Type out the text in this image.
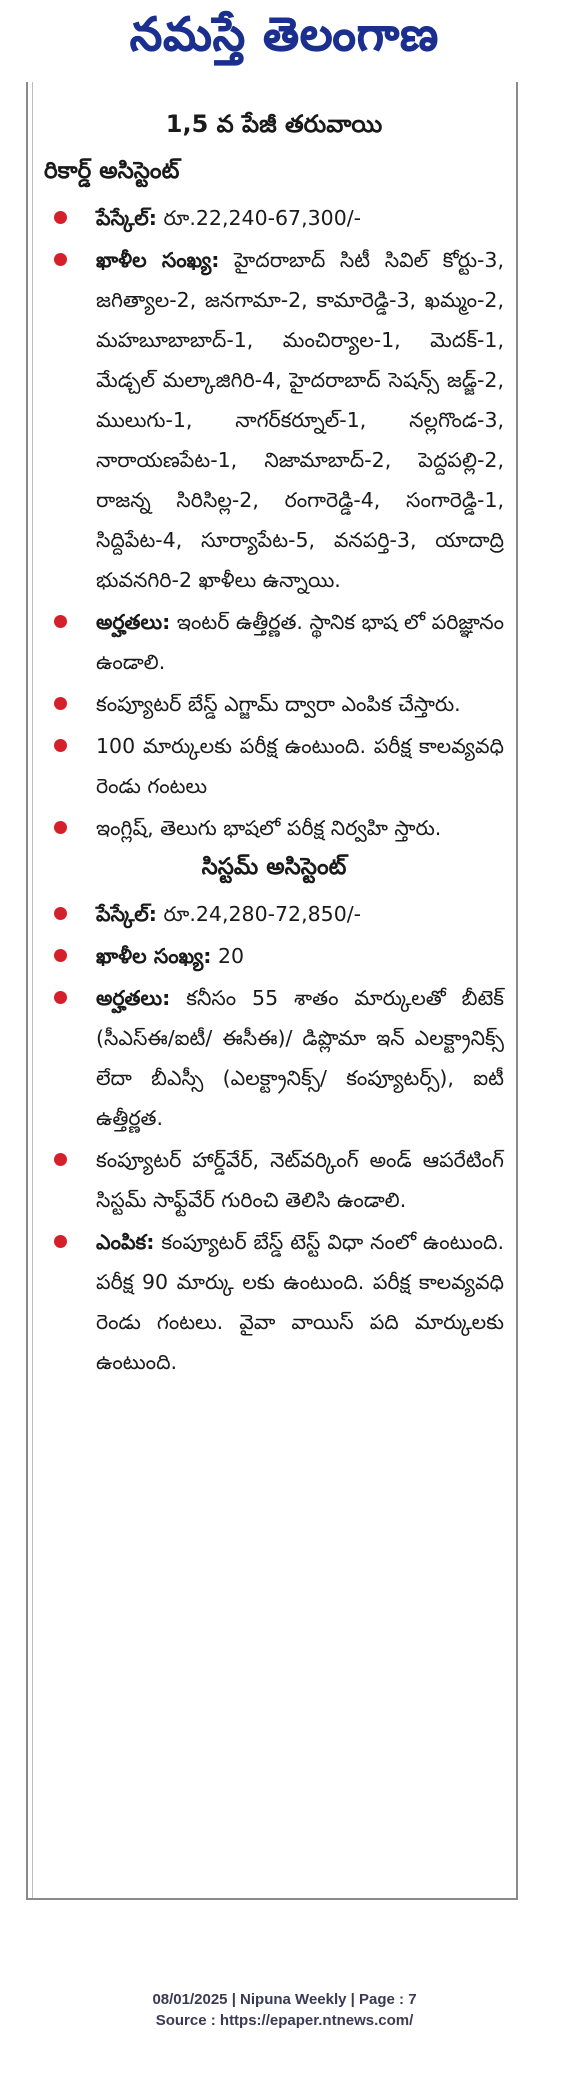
నమస్తే తెలంగాణ
1,5 వ పేజీ తరువాయి
రికార్డ్ అసిస్టెంట్
పేస్కేల్: రూ.22,240-67,300/-
ఖాళీల సంఖ్య: హైదరాబాద్ సిటీ సివిల్ కోర్టు-3, జగిత్యాల-2, జనగామా-2, కామారెడ్డి-3, ఖమ్మం-2, మహబూబాబాద్-1, మంచిర్యాల-1, మెదక్-1, మేడ్చల్ మల్కాజిగిరి-4, హైదరాబాద్ సెషన్స్ జడ్జ్-2, ములుగు-1, నాగర్‌కర్నూల్-1, నల్లగొండ-3, నారాయణపేట-1, నిజామాబాద్-2, పెద్దపల్లి-2, రాజన్న సిరిసిల్ల-2, రంగారెడ్డి-4, సంగారెడ్డి-1, సిద్దిపేట-4, సూర్యాపేట-5, వనపర్తి-3, యాదాద్రి భువనగిరి-2 ఖాళీలు ఉన్నాయి.
అర్హతలు: ఇంటర్ ఉత్తీర్ణత. స్థానిక భాష లో పరిజ్ఞానం ఉండాలి.
కంప్యూటర్ బేస్డ్ ఎగ్జామ్ ద్వారా ఎంపిక చేస్తారు.
100 మార్కులకు పరీక్ష ఉంటుంది. పరీక్ష కాలవ్యవధి రెండు గంటలు
ఇంగ్లిష్, తెలుగు భాషలో పరీక్ష నిర్వహి స్తారు.
సిస్టమ్ అసిస్టెంట్
పేస్కేల్: రూ.24,280-72,850/-
ఖాళీల సంఖ్య: 20
అర్హతలు: కనీసం 55 శాతం మార్కులతో బీటెక్ (సీఎస్ఈ/ఐటీ/ ఈసీఈ)/ డిప్లొమా ఇన్ ఎలక్ట్రానిక్స్ లేదా బీఎస్సీ (ఎలక్ట్రానిక్స్/ కంప్యూటర్స్), ఐటీ ఉత్తీర్ణత.
కంప్యూటర్ హార్డ్‌వేర్, నెట్‌వర్కింగ్ అండ్ ఆపరేటింగ్ సిస్టమ్ సాఫ్ట్‌వేర్ గురించి తెలిసి ఉండాలి.
ఎంపిక: కంప్యూటర్ బేస్డ్ టెస్ట్ విధా నంలో ఉంటుంది. పరీక్ష 90 మార్కు లకు ఉంటుంది. పరీక్ష కాలవ్యవధి రెండు గంటలు. వైవా వాయిస్ పది మార్కులకు ఉంటుంది.
08/01/2025 | Nipuna Weekly | Page : 7
Source : https://epaper.ntnews.com/
